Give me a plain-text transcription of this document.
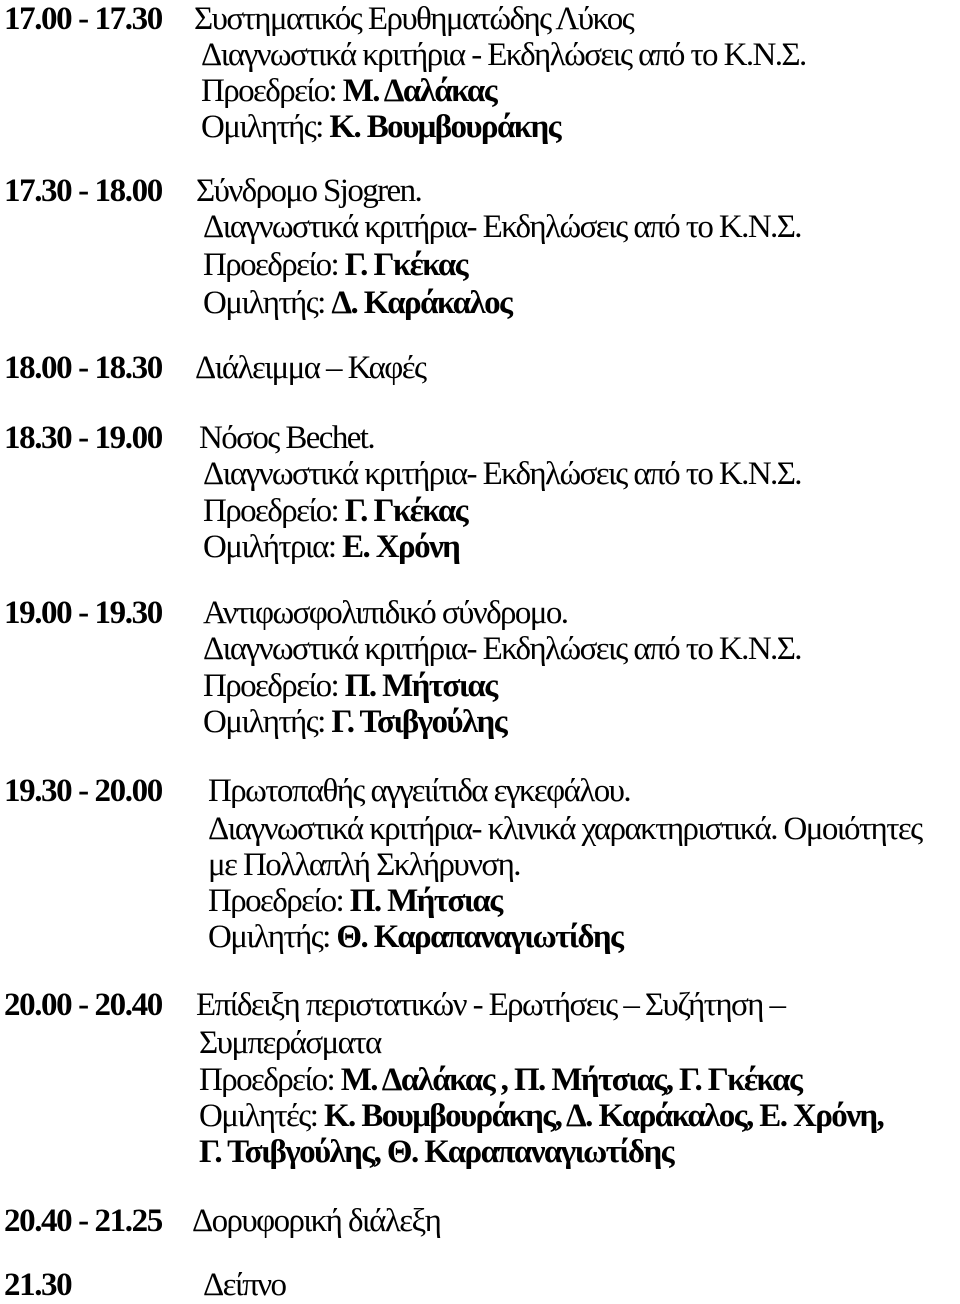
17.00 - 17.30 Συστηματικός Ερυθηματώδης Λύκος
Διαγνωστικά κριτήρια - Εκδηλώσεις από το Κ.Ν.Σ.
Προεδρείο: Μ. Δαλάκας
Ομιλητής: Κ. Βουμβουράκης
17.30 - 18.00 Σύνδρομο Sjogren.
Διαγνωστικά κριτήρια- Εκδηλώσεις από το Κ.Ν.Σ.
Προεδρείο: Γ. Γκέκας
Ομιλητής: Δ. Καράκαλος
18.00 - 18.30 Διάλειμμα – Καφές
18.30 - 19.00 Νόσος Bechet.
Διαγνωστικά κριτήρια- Εκδηλώσεις από το Κ.Ν.Σ.
Προεδρείο: Γ. Γκέκας
Ομιλήτρια: Ε. Χρόνη
19.00 - 19.30 Αντιφωσφολιπιδικό σύνδρομο.
Διαγνωστικά κριτήρια- Εκδηλώσεις από το Κ.Ν.Σ.
Προεδρείο: Π. Μήτσιας
Ομιλητής: Γ. Τσιβγούλης
19.30 - 20.00 Πρωτοπαθής αγγειίτιδα εγκεφάλου.
Διαγνωστικά κριτήρια- κλινικά χαρακτηριστικά. Ομοιότητες
με Πολλαπλή Σκλήρυνση.
Προεδρείο: Π. Μήτσιας
Ομιλητής: Θ. Καραπαναγιωτίδης
20.00 - 20.40 Επίδειξη περιστατικών - Ερωτήσεις – Συζήτηση –
Συμπεράσματα
Προεδρείο: Μ. Δαλάκας , Π. Μήτσιας, Γ. Γκέκας
Ομιλητές: Κ. Βουμβουράκης, Δ. Καράκαλος, Ε. Χρόνη,
Γ. Τσιβγούλης, Θ. Καραπαναγιωτίδης
20.40 - 21.25 Δορυφορική διάλεξη
21.30	Δείπνο
